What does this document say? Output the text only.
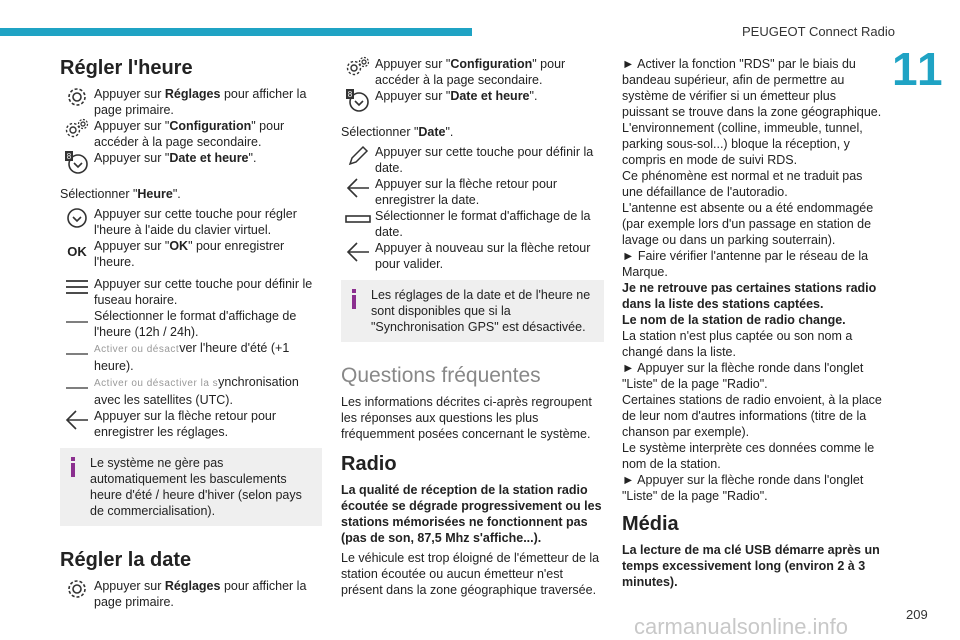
PEUGEOT Connect Radio
11
Régler l'heure
Appuyer sur Réglages pour afficher la page primaire.
Appuyer sur "Configuration" pour accéder à la page secondaire.
8 Appuyer sur "Date et heure".
Sélectionner "Heure".
Appuyer sur cette touche pour régler l'heure à l'aide du clavier virtuel.
OK Appuyer sur "OK" pour enregistrer l'heure.
Appuyer sur cette touche pour définir le fuseau horaire.
Sélectionner le format d'affichage de l'heure (12h / 24h).
Activer ou désactver l'heure d'été (+1 heure).
Activer ou désactiver la synchronisation avec les satellites (UTC).
Appuyer sur la flèche retour pour enregistrer les réglages.
Le système ne gère pas automatiquement les basculements heure d'été / heure d'hiver (selon pays de commercialisation).
Régler la date
Appuyer sur Réglages pour afficher la page primaire.
Appuyer sur "Configuration" pour accéder à la page secondaire.
8 Appuyer sur "Date et heure".
Sélectionner "Date".
Appuyer sur cette touche pour définir la date.
Appuyer sur la flèche retour pour enregistrer la date.
Sélectionner le format d'affichage de la date.
Appuyer à nouveau sur la flèche retour pour valider.
Les réglages de la date et de l'heure ne sont disponibles que si la "Synchronisation GPS" est désactivée.
Questions fréquentes
Les informations décrites ci-après regroupent les réponses aux questions les plus fréquemment posées concernant le système.
Radio
La qualité de réception de la station radio écoutée se dégrade progressivement ou les stations mémorisées ne fonctionnent pas (pas de son, 87,5 Mhz s'affiche...).
Le véhicule est trop éloigné de l'émetteur de la station écoutée ou aucun émetteur n'est présent dans la zone géographique traversée.
► Activer la fonction "RDS" par le biais du bandeau supérieur, afin de permettre au système de vérifier si un émetteur plus puissant se trouve dans la zone géographique.
L'environnement (colline, immeuble, tunnel, parking sous-sol...) bloque la réception, y compris en mode de suivi RDS.
Ce phénomène est normal et ne traduit pas une défaillance de l'autoradio.
L'antenne est absente ou a été endommagée (par exemple lors d'un passage en station de lavage ou dans un parking souterrain).
► Faire vérifier l'antenne par le réseau de la Marque.
Je ne retrouve pas certaines stations radio dans la liste des stations captées.
Le nom de la station de radio change.
La station n'est plus captée ou son nom a changé dans la liste.
► Appuyer sur la flèche ronde dans l'onglet "Liste" de la page "Radio".
Certaines stations de radio envoient, à la place de leur nom d'autres informations (titre de la chanson par exemple).
Le système interprète ces données comme le nom de la station.
► Appuyer sur la flèche ronde dans l'onglet "Liste" de la page "Radio".
Média
La lecture de ma clé USB démarre après un temps excessivement long (environ 2 à 3 minutes).
carmanualsonline.info	209
